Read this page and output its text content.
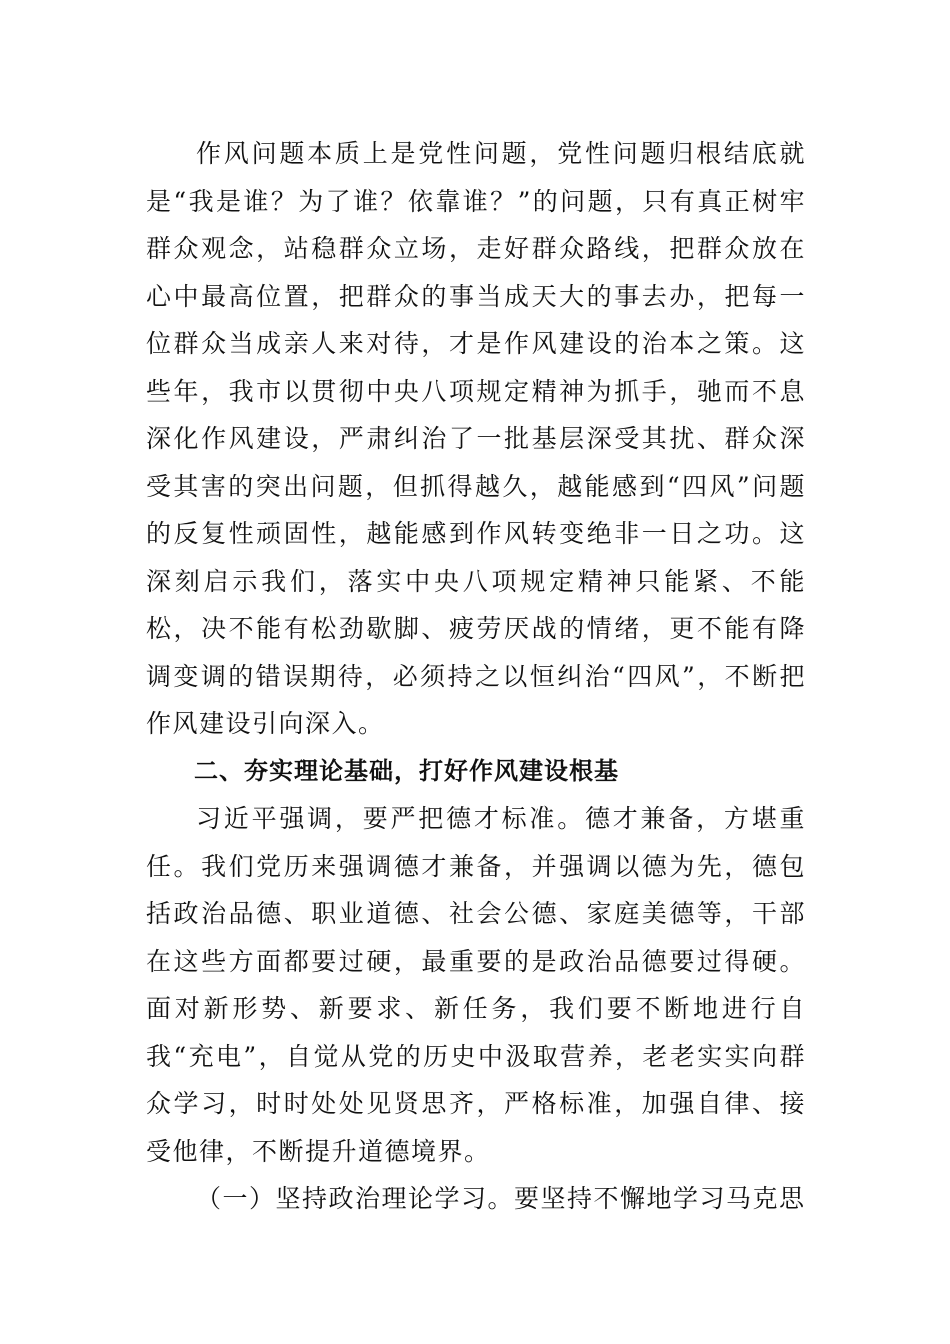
作风问题本质上是党性问题，党性问题归根结底就是“我是谁？为了谁？依靠谁？”的问题，只有真正树牢群众观念，站稳群众立场，走好群众路线，把群众放在心中最高位置，把群众的事当成天大的事去办，把每一位群众当成亲人来对待，才是作风建设的治本之策。这些年，我市以贯彻中央八项规定精神为抓手，驰而不息深化作风建设，严肃纠治了一批基层深受其扰、群众深受其害的突出问题，但抓得越久，越能感到“四风”问题的反复性顽固性，越能感到作风转变绝非一日之功。这深刻启示我们，落实中央八项规定精神只能紧、不能松，决不能有松劲歇脚、疲劳厌战的情绪，更不能有降调变调的错误期待，必须持之以恒纠治“四风”，不断把作风建设引向深入。

二、夯实理论基础，打好作风建设根基

习近平强调，要严把德才标准。德才兼备，方堪重任。我们党历来强调德才兼备，并强调以德为先，德包括政治品德、职业道德、社会公德、家庭美德等，干部在这些方面都要过硬，最重要的是政治品德要过得硬。面对新形势、新要求、新任务，我们要不断地进行自我“充电”，自觉从党的历史中汲取营养，老老实实向群众学习，时时处处见贤思齐，严格标准，加强自律、接受他律，不断提升道德境界。

（一）坚持政治理论学习。要坚持不懈地学习马克思
